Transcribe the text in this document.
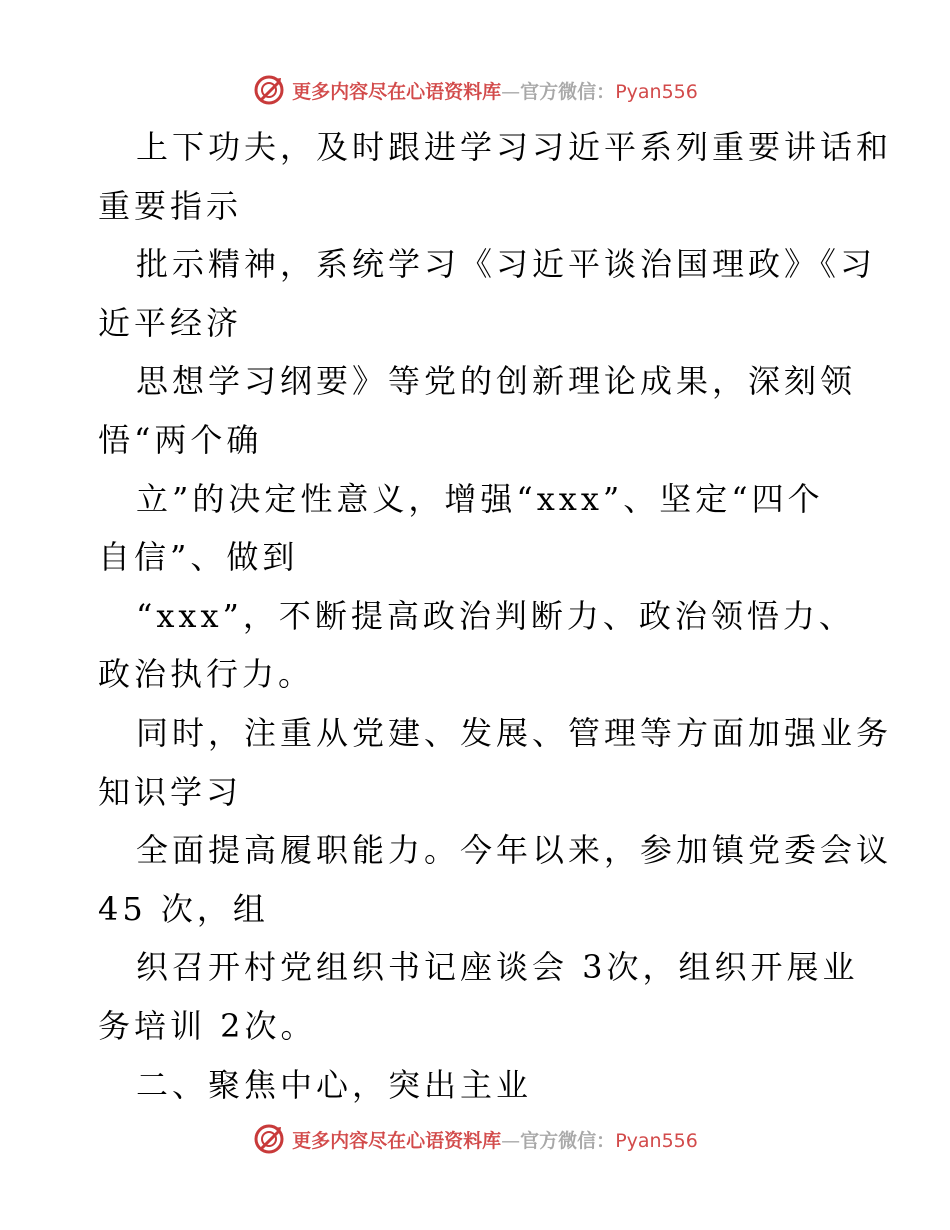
更多内容尽在心语资料库—官方微信：Pyan556
上下功夫，及时跟进学习习近平系列重要讲话和
重要指示
批示精神，系统学习《习近平谈治国理政》《习
近平经济
思想学习纲要》等党的创新理论成果，深刻领
悟“两个确
立”的决定性意义，增强“xxx”、坚定“四个
自信”、做到
“xxx”，不断提高政治判断力、政治领悟力、
政治执行力。
同时，注重从党建、发展、管理等方面加强业务
知识学习
全面提高履职能力。今年以来，参加镇党委会议
45 次，组
织召开村党组织书记座谈会 3次，组织开展业
务培训 2次。
二、聚焦中心，突出主业
更多内容尽在心语资料库—官方微信：Pyan556
